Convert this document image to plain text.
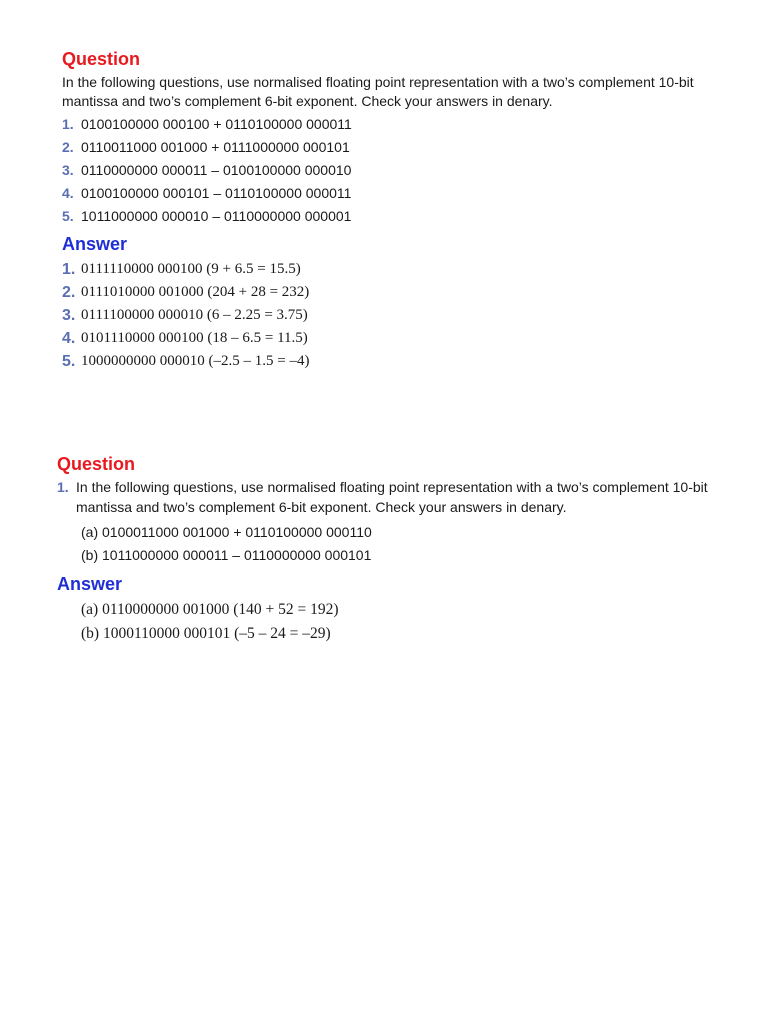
Question
In the following questions, use normalised floating point representation with a two’s complement 10-bit mantissa and two’s complement 6-bit exponent. Check your answers in denary.
1. 0100100000 000100 + 0110100000 000011
2. 0110011000 001000 + 0111000000 000101
3. 0110000000 000011 – 0100100000 000010
4. 0100100000 000101 – 0110100000 000011
5. 1011000000 000010 – 0110000000 000001
Answer
1. 0111110000 000100 (9 + 6.5 = 15.5)
2. 0111010000 001000 (204 + 28 = 232)
3. 0111100000 000010 (6 – 2.25 = 3.75)
4. 0101110000 000100 (18 – 6.5 = 11.5)
5. 1000000000 000010 (–2.5 – 1.5 = –4)
Question
1. In the following questions, use normalised floating point representation with a two’s complement 10-bit mantissa and two’s complement 6-bit exponent. Check your answers in denary.
(a) 0100011000 001000 + 0110100000 000110
(b) 1011000000 000011 – 0110000000 000101
Answer
(a) 0110000000 001000 (140 + 52 = 192)
(b) 1000110000 000101 (–5 – 24 = –29)
